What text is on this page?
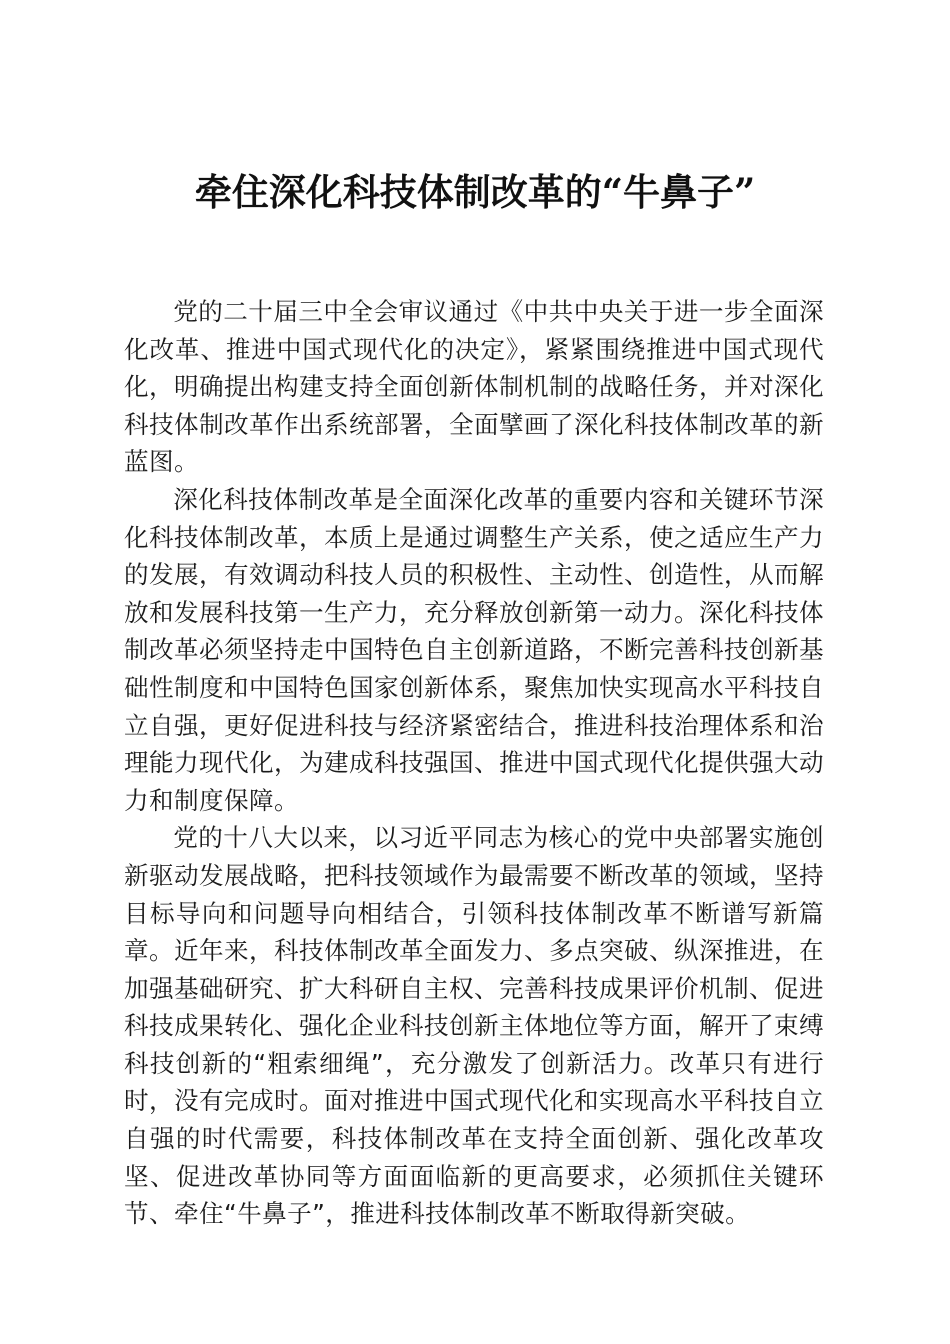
牵住深化科技体制改革的“牛鼻子”

党的二十届三中全会审议通过《中共中央关于进一步全面深化改革、推进中国式现代化的决定》，紧紧围绕推进中国式现代化，明确提出构建支持全面创新体制机制的战略任务，并对深化科技体制改革作出系统部署，全面擘画了深化科技体制改革的新蓝图。

深化科技体制改革是全面深化改革的重要内容和关键环节深化科技体制改革，本质上是通过调整生产关系，使之适应生产力的发展，有效调动科技人员的积极性、主动性、创造性，从而解放和发展科技第一生产力，充分释放创新第一动力。深化科技体制改革必须坚持走中国特色自主创新道路，不断完善科技创新基础性制度和中国特色国家创新体系，聚焦加快实现高水平科技自立自强，更好促进科技与经济紧密结合，推进科技治理体系和治理能力现代化，为建成科技强国、推进中国式现代化提供强大动力和制度保障。

党的十八大以来，以习近平同志为核心的党中央部署实施创新驱动发展战略，把科技领域作为最需要不断改革的领域，坚持目标导向和问题导向相结合，引领科技体制改革不断谱写新篇章。近年来，科技体制改革全面发力、多点突破、纵深推进，在加强基础研究、扩大科研自主权、完善科技成果评价机制、促进科技成果转化、强化企业科技创新主体地位等方面，解开了束缚科技创新的“粗索细绳”，充分激发了创新活力。改革只有进行时，没有完成时。面对推进中国式现代化和实现高水平科技自立自强的时代需要，科技体制改革在支持全面创新、强化改革攻坚、促进改革协同等方面面临新的更高要求，必须抓住关键环节、牵住“牛鼻子”，推进科技体制改革不断取得新突破。
